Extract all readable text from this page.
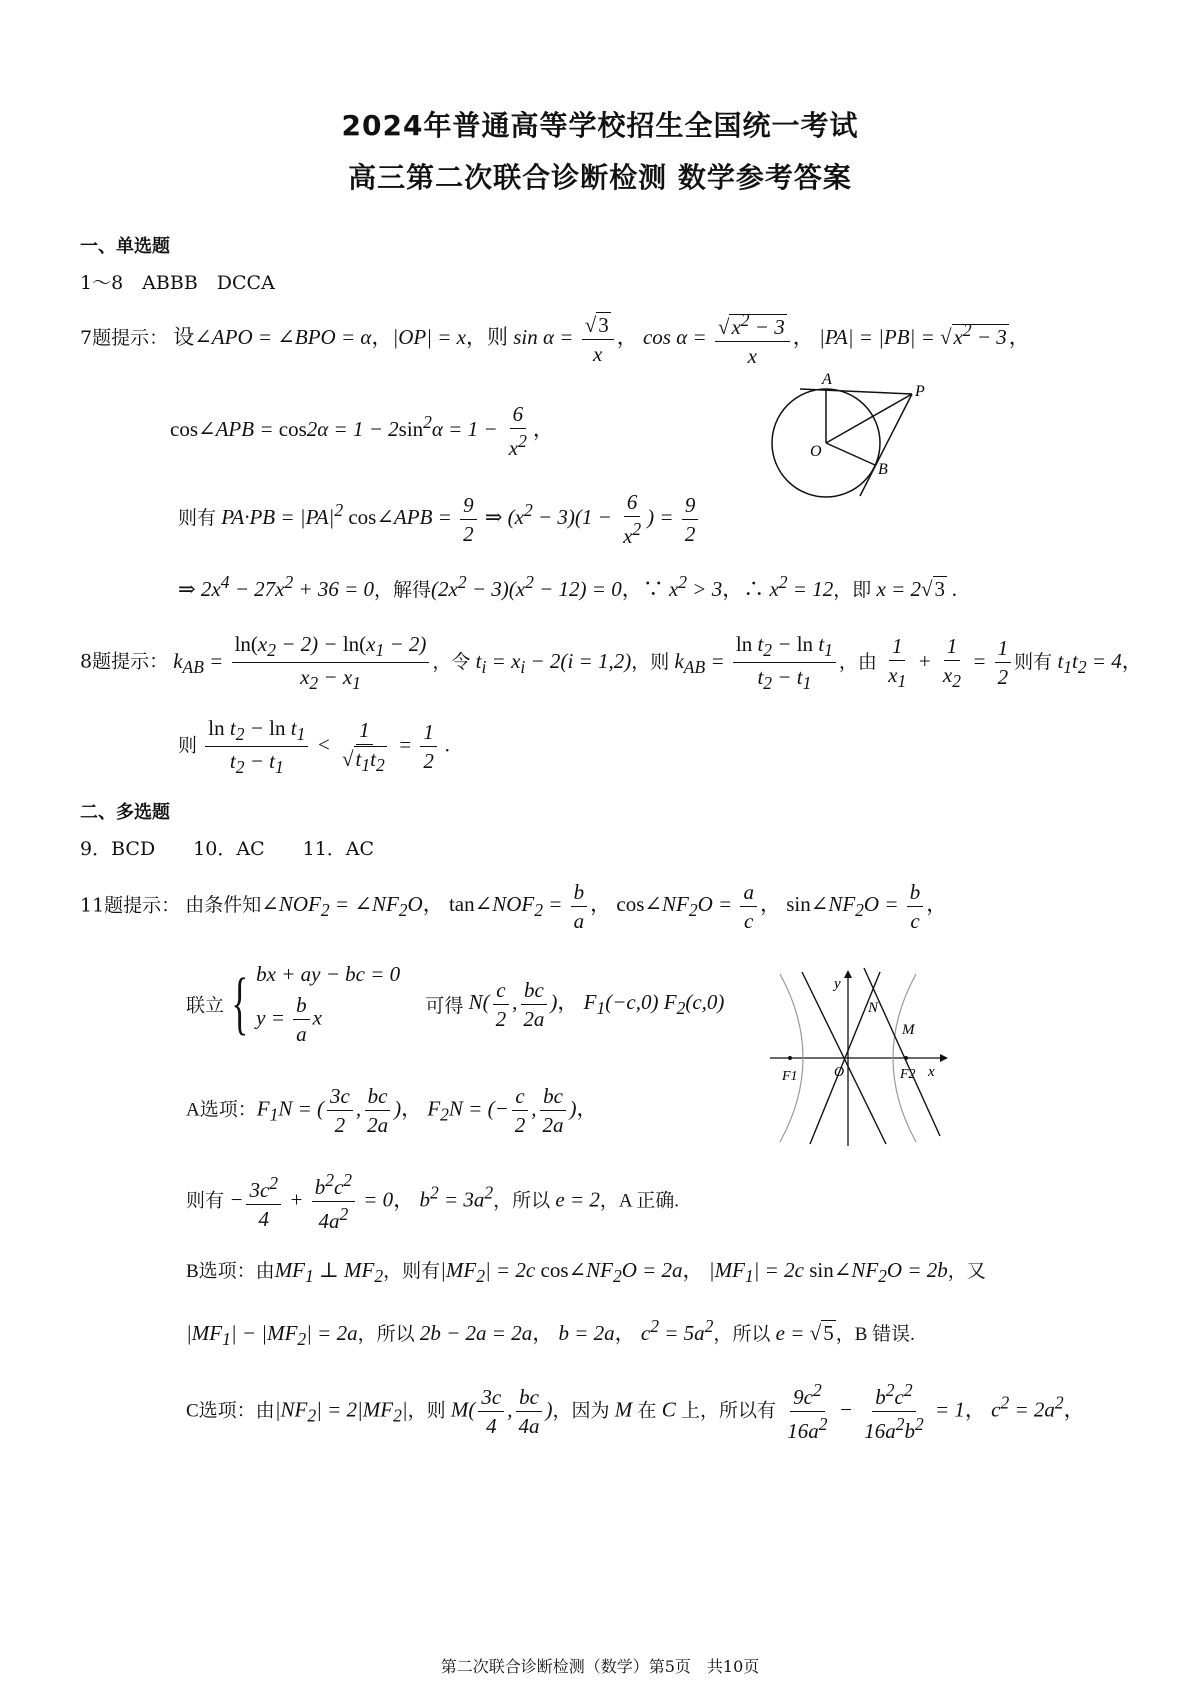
2024年普通高等学校招生全国统一考试
高三第二次联合诊断检测 数学参考答案
一、单选题
1～8　ABBB　DCCA
7题提示： 设∠APO = ∠BPO = α，|OP| = x，则 $\sin \alpha = \frac{√3}{x}$ ， $\cos \alpha = \frac{√x^2 - 3}{x}$ ， $|PA| = |PB| = √x^2 - 3$，
cos∠APB = $\cos 2\alpha = 1 - 2\sin^2\alpha = 1 - \frac{6}{x^2}$ ，
则有 $PA\cdot PB = |PA|^2$ cos∠APB = $\frac{9}{2}$ ⇒ $(x^2 - 3)(1 - \frac{6}{x^2}$ ) = $\frac{9}{2}$
⇒ $2x^4 - 27x^2 + 36 = 0$，解得$(2x^2 - 3)(x^2 - 12) = 0$，∵ $x^2 > 3$，∴ $x^2 = 12$，即 x = 2√3 .
A
P
O
B
8题提示： $k_{AB} = \frac{\ln(x_2 - 2) - \ln(x_1 - 2)}{x_2 - x_1}$ ，令 $t_i = x_i - 2(i = 1,2)$，则 $k_{AB} = \frac{\ln t_2 - \ln t_1}{t_2 - t_1}$ ，由 $\frac{1}{x_1} + \frac{1}{x_2} = \frac{1}{2}$ 则有 $t_1t_2 = 4$，
则 $\frac{\ln t_2 - \ln t_1}{t_2 - t_1} < \frac{1}{√t_1t_2} = \frac{1}{2}$ .
二、多选题
9．BCD　　10．AC　　11．AC
11题提示： 由条件知$\angle NOF_2$ = $\angle NF_2O$， $\tan\angle NOF_2 = \frac{b}{a}$ ， $\cos\angle NF_2O = \frac{a}{c}$ ， $\sin\angle NF_2O = \frac{b}{c}$ ，
联立 { bx + ay − bc = 0
$y = \frac{b}{a}$ x	可得 $N( \frac{c}{2}$ , $\frac{bc}{2a}$ )， $F_1(-c,0)$ $F_2(c,0)$
A选项：$F_1N$ = ( $\frac{3c}{2}$ , $\frac{bc}{2a}$ )， $F_2N$ = (− $\frac{c}{2}$ , $\frac{bc}{2a}$ )，
则有 − $\frac{3c^2}{4} + \frac{b^2c^2}{4a^2} = 0$， $b^2 = 3a^2$，所以 e = 2，A 正确.
B选项：由$MF_1$ ⊥ $MF_2$，则有$|MF_2| = 2c$ $\cos\angle NF_2O = 2a$， $|MF_1| = 2c$ $\sin\angle NF_2O = 2b$，又
$|MF_1| - |MF_2| = 2a$，所以 2b − 2a = 2a， b = 2a， $c^2 = 5a^2$，所以 e = √5 ，B 错误.
C选项：由$|NF_2| = 2|MF_2|$，则 $M( \frac{3c}{4}$ , $\frac{bc}{4a}$ )，因为 M 在 C 上，所以有 $\frac{9c^2}{16a^2} - \frac{b^2c^2}{16a^2b^2} = 1$， $c^2 = 2a^2$，
y
N
M
F1	O	F2 x
第二次联合诊断检测（数学）第5页　共10页
